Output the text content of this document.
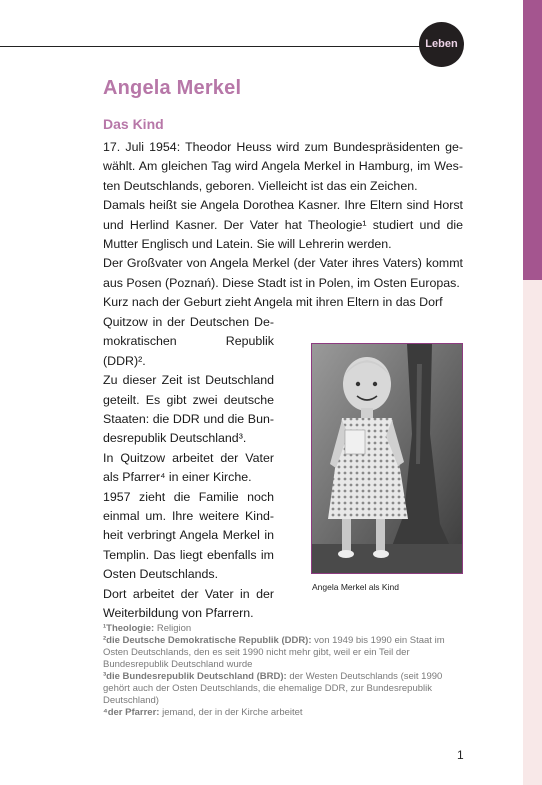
Leben
Angela Merkel
Das Kind

17. Juli 1954: Theodor Heuss wird zum Bundespräsidenten gewählt. Am gleichen Tag wird Angela Merkel in Hamburg, im Westen Deutschlands, geboren. Vielleicht ist das ein Zeichen.

Damals heißt sie Angela Dorothea Kasner. Ihre Eltern sind Horst und Herlind Kasner. Der Vater hat Theologie¹ studiert und die Mutter Englisch und Latein. Sie will Lehrerin werden.

Der Großvater von Angela Merkel (der Vater ihres Vaters) kommt aus Posen (Poznań). Diese Stadt ist in Polen, im Osten Europas.

Kurz nach der Geburt zieht Angela mit ihren Eltern in das Dorf

Quitzow in der Deutschen Demokratischen Republik (DDR)².

Zu dieser Zeit ist Deutschland geteilt. Es gibt zwei deutsche Staaten: die DDR und die Bundesrepublik Deutschland³.

In Quitzow arbeitet der Vater als Pfarrer⁴ in einer Kirche.

1957 zieht die Familie noch einmal um. Ihre weitere Kindheit verbringt Angela Merkel in Templin. Das liegt ebenfalls im Osten Deutschlands.

Dort arbeitet der Vater in der Weiterbildung von Pfarrern.

Angela Merkel als Kind

¹Theologie: Religion

²die Deutsche Demokratische Republik (DDR): von 1949 bis 1990 ein Staat im Osten Deutschlands, den es seit 1990 nicht mehr gibt, weil er ein Teil der Bundesrepublik Deutschland wurde

³die Bundesrepublik Deutschland (BRD): der Westen Deutschlands (seit 1990 gehört auch der Osten Deutschlands, die ehemalige DDR, zur Bundesrepublik Deutschland)

⁴der Pfarrer: jemand, der in der Kirche arbeitet

1
